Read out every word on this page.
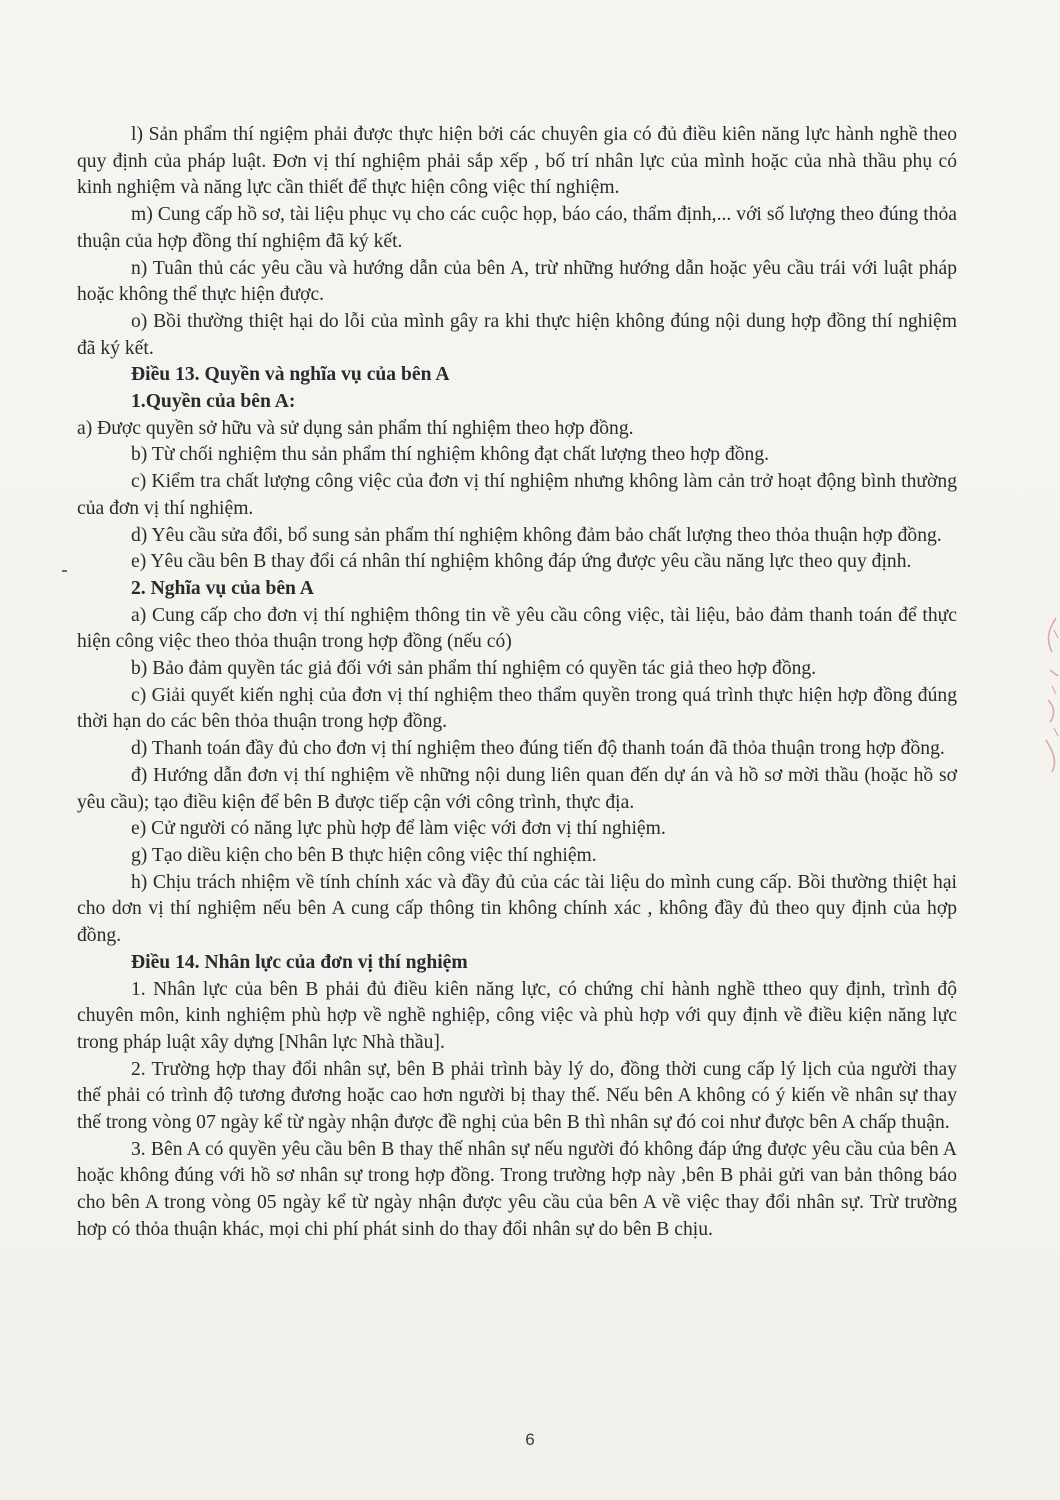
l) Sản phẩm thí ngiệm phải được thực hiện bởi các chuyên gia có đủ điều kiên năng lực hành nghề theo quy định của pháp luật. Đơn vị thí nghiệm phải sắp xếp , bố trí nhân lực của mình hoặc của nhà thầu phụ có kinh nghiệm và năng lực cần thiết để thực hiện công việc thí nghiệm.

m) Cung cấp hồ sơ, tài liệu phục vụ cho các cuộc họp, báo cáo, thẩm định,... với số lượng theo đúng thỏa thuận của hợp đồng thí nghiệm đã ký kết.

n) Tuân thủ các yêu cầu và hướng dẫn của bên A, trừ những hướng dẫn hoặc yêu cầu trái với luật pháp hoặc không thể thực hiện được.

o) Bồi thường thiệt hại do lỗi của mình gây ra khi thực hiện không đúng nội dung hợp đồng thí nghiệm đã ký kết.

Điều 13. Quyền và nghĩa vụ của bên A

1.Quyền của bên A:

a) Được quyền sở hữu và sử dụng sản phẩm thí nghiệm theo hợp đồng.

b) Từ chối nghiệm thu sản phẩm thí nghiệm không đạt chất lượng theo hợp đồng.

c) Kiểm tra chất lượng công việc của đơn vị thí nghiệm nhưng không làm cản trở hoạt động bình thường của đơn vị thí nghiệm.

d) Yêu cầu sửa đổi, bổ sung sản phẩm thí nghiệm không đảm bảo chất lượng theo thỏa thuận hợp đồng.

e) Yêu cầu bên B thay đổi cá nhân thí nghiệm không đáp ứng được yêu cầu năng lực theo quy định.

2. Nghĩa vụ của bên A

a) Cung cấp cho đơn vị thí nghiệm thông tin về yêu cầu công việc, tài liệu, bảo đảm thanh toán để thực hiện công việc theo thỏa thuận trong hợp đồng (nếu có)

b) Bảo đảm quyền tác giả đối với sản phẩm thí nghiệm có quyền tác giả theo hợp đồng.

c) Giải quyết kiến nghị của đơn vị thí nghiệm theo thẩm quyền trong quá trình thực hiện hợp đồng đúng thời hạn do các bên thỏa thuận trong hợp đồng.

d) Thanh toán đầy đủ cho đơn vị thí nghiệm theo đúng tiến độ thanh toán đã thỏa thuận trong hợp đồng.

đ) Hướng dẫn đơn vị thí nghiệm về những nội dung liên quan đến dự án và hồ sơ mời thầu (hoặc hồ sơ yêu cầu); tạo điều kiện để bên B được tiếp cận với công trình, thực địa.

e) Cử người có năng lực phù hợp để làm việc với đơn vị thí nghiệm.

g) Tạo diều kiện cho bên B thực hiện công việc thí nghiệm.

h) Chịu trách nhiệm về tính chính xác và đầy đủ của các tài liệu do mình cung cấp. Bồi thường thiệt hại cho dơn vị thí nghiệm nếu bên A cung cấp thông tin không chính xác , không đầy đủ theo quy định của hợp đồng.

Điều 14. Nhân lực của đơn vị thí nghiệm

1. Nhân lực của bên B phải đủ điều kiên năng lực, có chứng chỉ hành nghề ttheo quy định, trình độ chuyên môn, kinh nghiệm phù hợp về nghề nghiệp, công việc và phù hợp với quy định về điều kiện năng lực trong pháp luật xây dựng [Nhân lực Nhà thầu].

2. Trường hợp thay đổi nhân sự, bên B phải trình bày lý do, đồng thời cung cấp lý lịch của người thay thế phải có trình độ tương đương hoặc cao hơn người bị thay thế. Nếu bên A không có ý kiến về nhân sự thay thế trong vòng 07 ngày kể từ ngày nhận được đề nghị của bên B thì nhân sự đó coi như được bên A chấp thuận.

3. Bên A có quyền yêu cầu bên B thay thế nhân sự nếu người đó không đáp ứng được yêu cầu của bên A hoặc không đúng với hồ sơ nhân sự trong hợp đồng. Trong trường hợp này ,bên B phải gửi van bản thông báo cho bên A trong vòng 05 ngày kể từ ngày nhận được yêu cầu của bên A về việc thay đổi nhân sự. Trừ trường hơp có thỏa thuận khác, mọi chi phí phát sinh do thay đổi nhân sự do bên B chịu.

6
